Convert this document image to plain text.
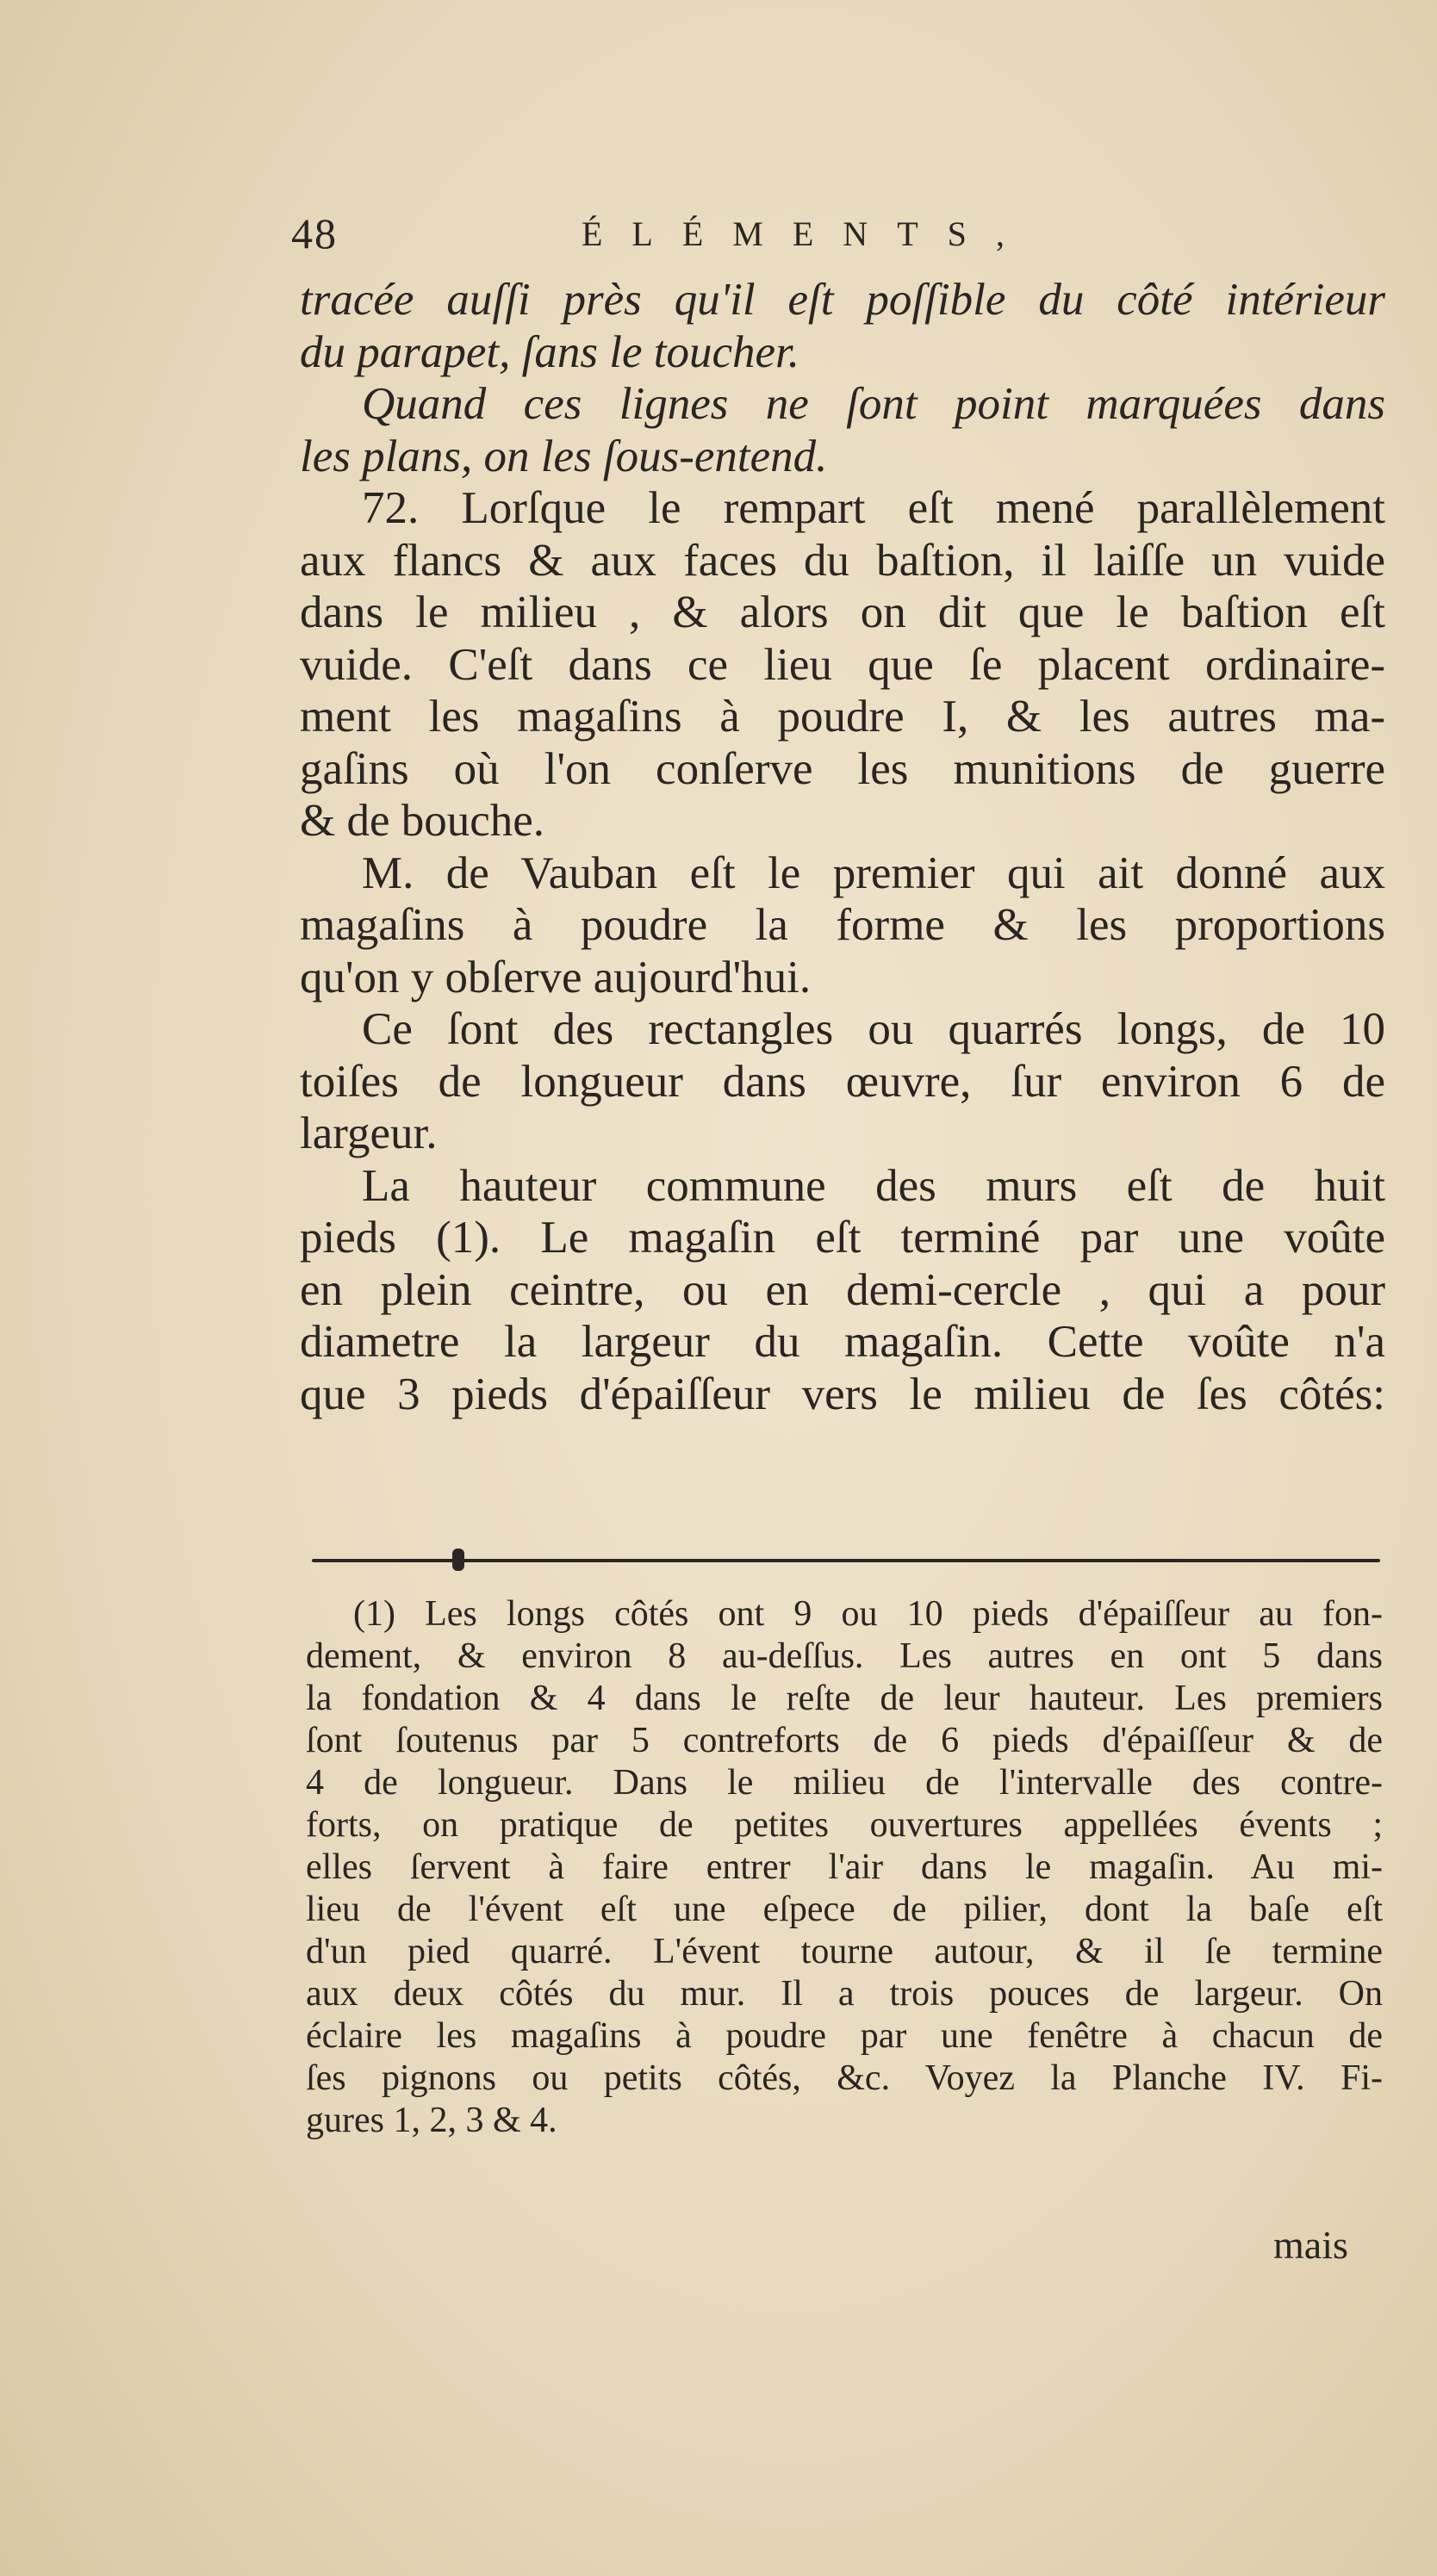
48	ÉLÉMENTS,
tracée auſſi près qu'il eſt poſſible du côté intérieur
du parapet, ſans le toucher.
Quand ces lignes ne ſont point marquées dans
les plans, on les ſous-entend.
72. Lorſque le rempart eſt mené parallèlement
aux flancs & aux faces du baſtion, il laiſſe un vuide
dans le milieu , & alors on dit que le baſtion eſt
vuide. C'eſt dans ce lieu que ſe placent ordinaire-
ment les magaſins à poudre I, & les autres ma-
gaſins où l'on conſerve les munitions de guerre
& de bouche.
M. de Vauban eſt le premier qui ait donné aux
magaſins à poudre la forme & les proportions
qu'on y obſerve aujourd'hui.
Ce ſont des rectangles ou quarrés longs, de 10
toiſes de longueur dans œuvre, ſur environ 6 de
largeur.
La hauteur commune des murs eſt de huit
pieds (1). Le magaſin eſt terminé par une voûte
en plein ceintre, ou en demi-cercle , qui a pour
diametre la largeur du magaſin. Cette voûte n'a
que 3 pieds d'épaiſſeur vers le milieu de ſes côtés:
(1) Les longs côtés ont 9 ou 10 pieds d'épaiſſeur au fon-
dement, & environ 8 au-deſſus. Les autres en ont 5 dans
la fondation & 4 dans le reſte de leur hauteur. Les premiers
ſont ſoutenus par 5 contreforts de 6 pieds d'épaiſſeur & de
4 de longueur. Dans le milieu de l'intervalle des contre-
forts, on pratique de petites ouvertures appellées évents ;
elles ſervent à faire entrer l'air dans le magaſin. Au mi-
lieu de l'évent eſt une eſpece de pilier, dont la baſe eſt
d'un pied quarré. L'évent tourne autour, & il ſe termine
aux deux côtés du mur. Il a trois pouces de largeur. On
éclaire les magaſins à poudre par une fenêtre à chacun de
ſes pignons ou petits côtés, &c. Voyez la Planche IV. Fi-
gures 1, 2, 3 & 4.
mais
